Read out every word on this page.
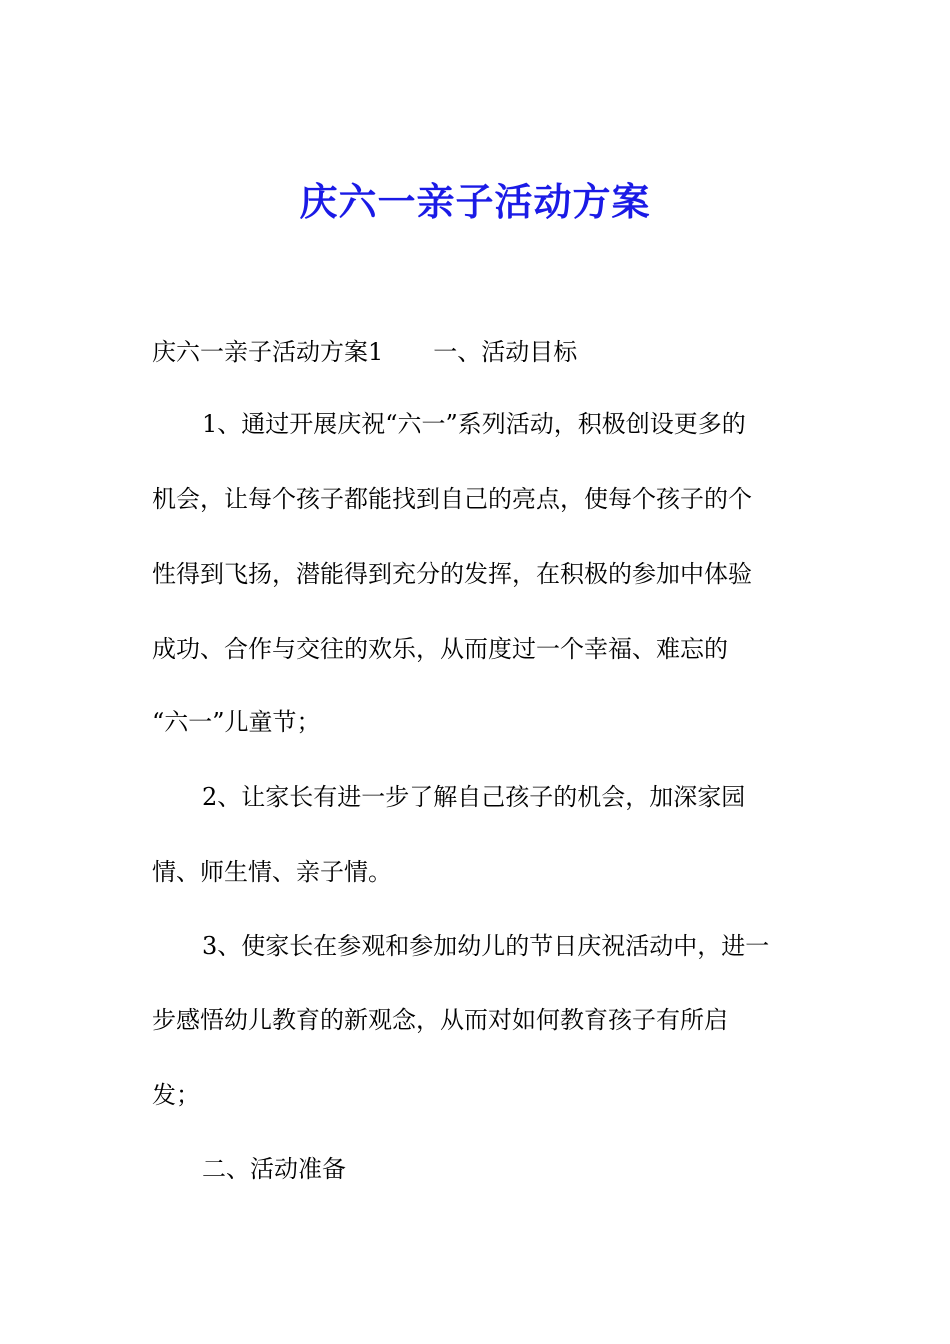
庆六一亲子活动方案
庆六一亲子活动方案1 一、活动目标
1、通过开展庆祝“六一”系列活动，积极创设更多的
机会，让每个孩子都能找到自己的亮点，使每个孩子的个
性得到飞扬，潜能得到充分的发挥，在积极的参加中体验
成功、合作与交往的欢乐，从而度过一个幸福、难忘的
“六一”儿童节；
2、让家长有进一步了解自己孩子的机会，加深家园
情、师生情、亲子情。
3、使家长在参观和参加幼儿的节日庆祝活动中，进一
步感悟幼儿教育的新观念，从而对如何教育孩子有所启
发；
二、活动准备
